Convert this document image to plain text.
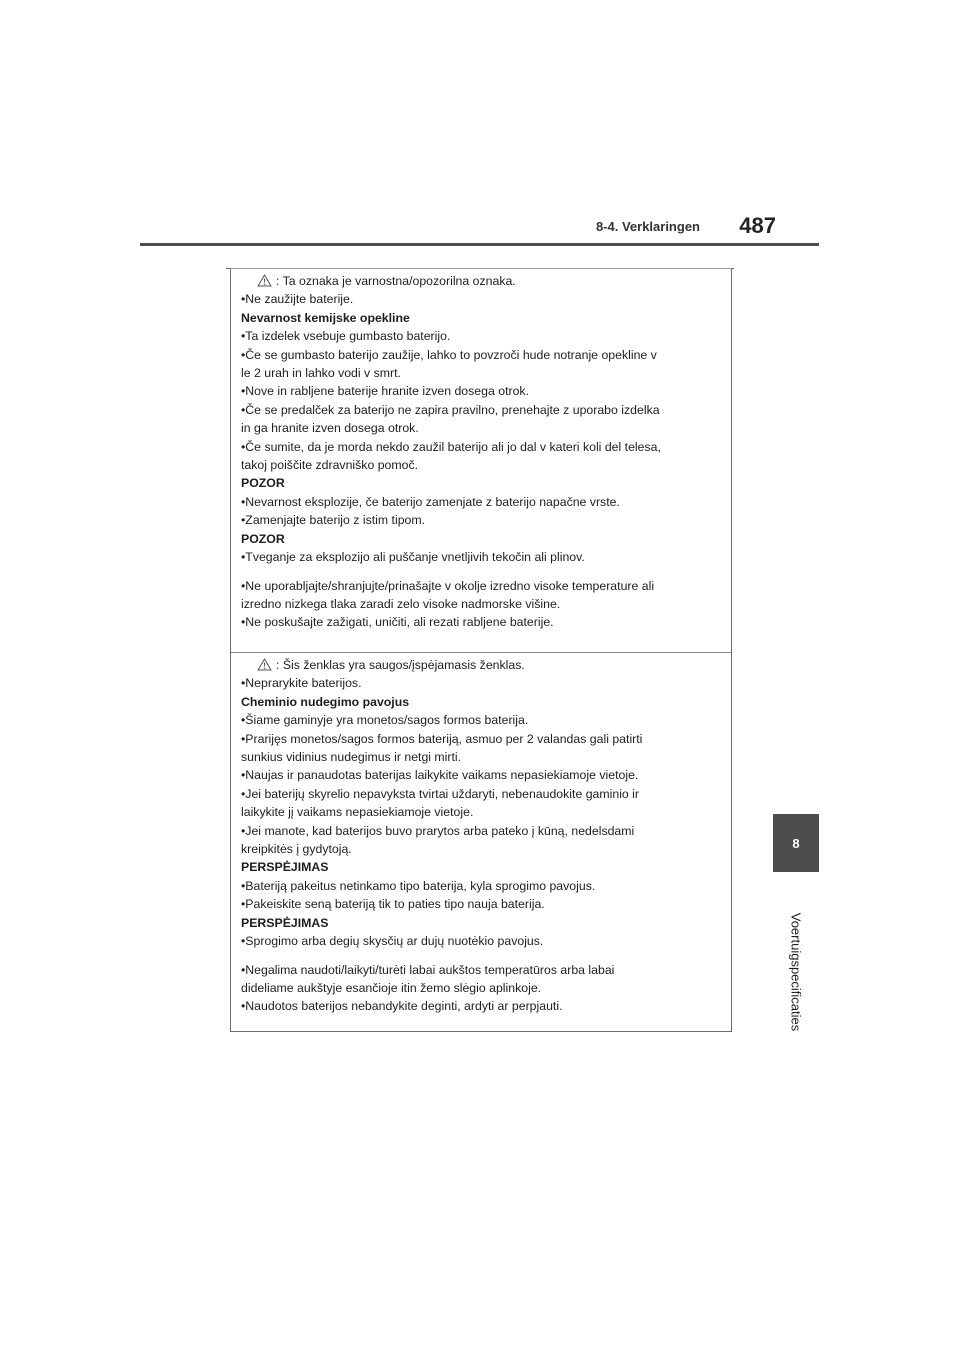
8-4. Verklaringen	487
8
Voertuigspecificaties

: Ta oznaka je varnostna/opozorilna oznaka.

•Ne zaužijte baterije.

Nevarnost kemijske opekline

•Ta izdelek vsebuje gumbasto baterijo.

•Če se gumbasto baterijo zaužije, lahko to povzroči hude notranje opekline v

le 2 urah in lahko vodi v smrt.

•Nove in rabljene baterije hranite izven dosega otrok.

•Če se predalček za baterijo ne zapira pravilno, prenehajte z uporabo izdelka

in ga hranite izven dosega otrok.

•Če sumite, da je morda nekdo zaužil baterijo ali jo dal v kateri koli del telesa,

takoj poiščite zdravniško pomoč.

POZOR

•Nevarnost eksplozije, če baterijo zamenjate z baterijo napačne vrste.

•Zamenjajte baterijo z istim tipom.

POZOR

•Tveganje za eksplozijo ali puščanje vnetljivih tekočin ali plinov.

•Ne uporabljajte/shranjujte/prinašajte v okolje izredno visoke temperature ali

izredno nizkega tlaka zaradi zelo visoke nadmorske višine.

•Ne poskušajte zažigati, uničiti, ali rezati rabljene baterije.

: Šis ženklas yra saugos/įspėjamasis ženklas.

•Neprarykite baterijos.

Cheminio nudegimo pavojus

•Šiame gaminyje yra monetos/sagos formos baterija.

•Prarijęs monetos/sagos formos bateriją, asmuo per 2 valandas gali patirti

sunkius vidinius nudegimus ir netgi mirti.

•Naujas ir panaudotas baterijas laikykite vaikams nepasiekiamoje vietoje.

•Jei baterijų skyrelio nepavyksta tvirtai uždaryti, nebenaudokite gaminio ir

laikykite jį vaikams nepasiekiamoje vietoje.

•Jei manote, kad baterijos buvo prarytos arba pateko į kūną, nedelsdami

kreipkitės į gydytoją.

PERSPĖJIMAS

•Bateriją pakeitus netinkamo tipo baterija, kyla sprogimo pavojus.

•Pakeiskite seną bateriją tik to paties tipo nauja baterija.

PERSPĖJIMAS

•Sprogimo arba degių skysčių ar dujų nuotėkio pavojus.

•Negalima naudoti/laikyti/turėti labai aukštos temperatūros arba labai

dideliame aukštyje esančioje itin žemo slėgio aplinkoje.

•Naudotos baterijos nebandykite deginti, ardyti ar perpjauti.
